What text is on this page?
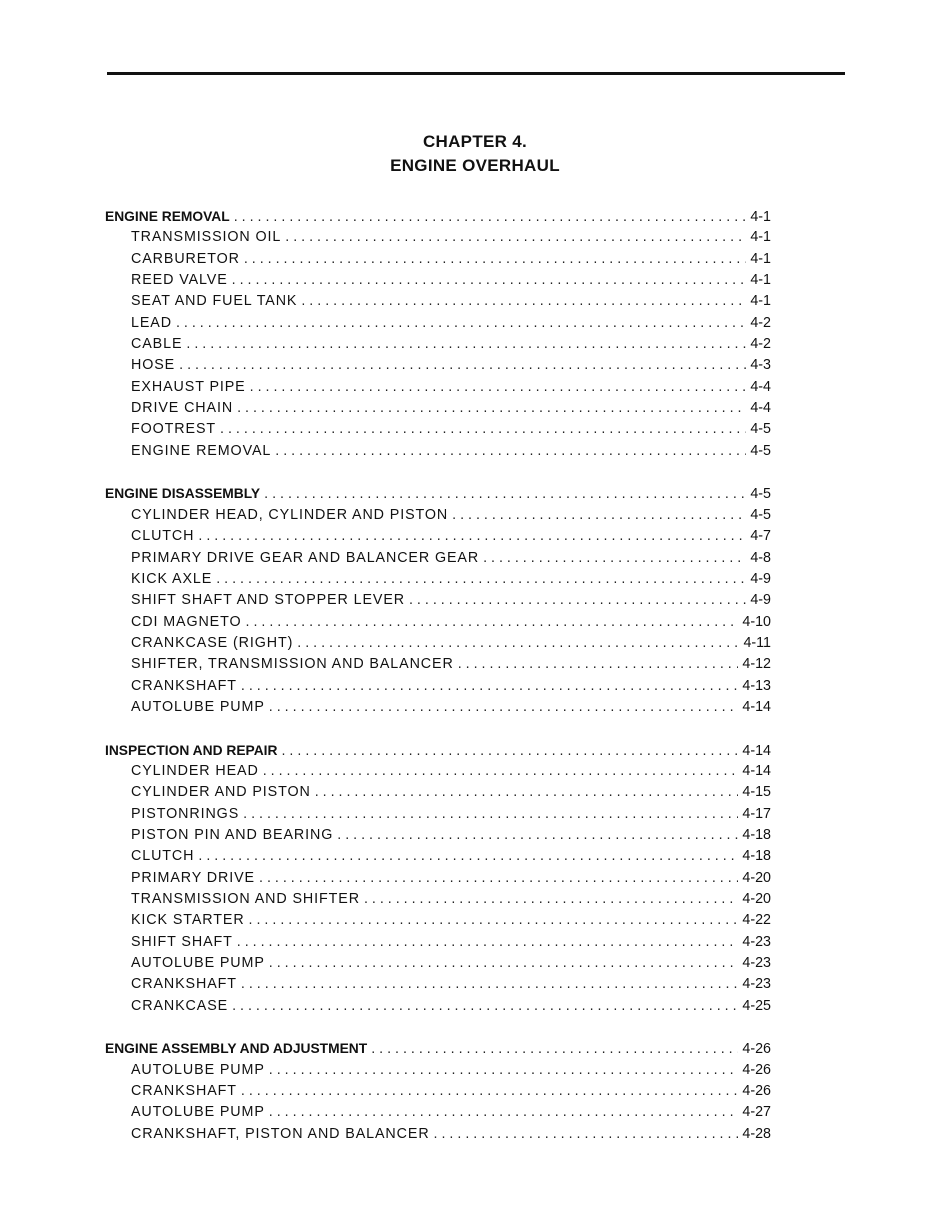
CHAPTER 4.
ENGINE OVERHAUL
ENGINE REMOVAL . . .	4-1
TRANSMISSION OIL . . .	4-1
CARBURETOR . . .	4-1
REED VALVE . . .	4-1
SEAT AND FUEL TANK . . .	4-1
LEAD . . .	4-2
CABLE . . .	4-2
HOSE . . .	4-3
EXHAUST PIPE . . .	4-4
DRIVE CHAIN . . .	4-4
FOOTREST . . .	4-5
ENGINE REMOVAL . . .	4-5
ENGINE DISASSEMBLY . . .	4-5
CYLINDER HEAD, CYLINDER AND PISTON . . .	4-5
CLUTCH . . .	4-7
PRIMARY DRIVE GEAR AND BALANCER GEAR . . .	4-8
KICK AXLE . . .	4-9
SHIFT SHAFT AND STOPPER LEVER . . .	4-9
CDI MAGNETO . . .	4-10
CRANKCASE (RIGHT) . . .	4-11
SHIFTER, TRANSMISSION AND BALANCER . . .	4-12
CRANKSHAFT . . .	4-13
AUTOLUBE PUMP . . .	4-14
INSPECTION AND REPAIR . . .	4-14
CYLINDER HEAD . . .	4-14
CYLINDER AND PISTON . . .	4-15
PISTONRINGS . . .	4-17
PISTON PIN AND BEARING . . .	4-18
CLUTCH . . .	4-18
PRIMARY DRIVE . . .	4-20
TRANSMISSION AND SHIFTER . . .	4-20
KICK STARTER . . .	4-22
SHIFT SHAFT . . .	4-23
AUTOLUBE PUMP . . .	4-23
CRANKSHAFT . . .	4-23
CRANKCASE . . .	4-25
ENGINE ASSEMBLY AND ADJUSTMENT . . .	4-26
AUTOLUBE PUMP . . .	4-26
CRANKSHAFT . . .	4-26
AUTOLUBE PUMP . . .	4-27
CRANKSHAFT, PISTON AND BALANCER . . .	4-28
